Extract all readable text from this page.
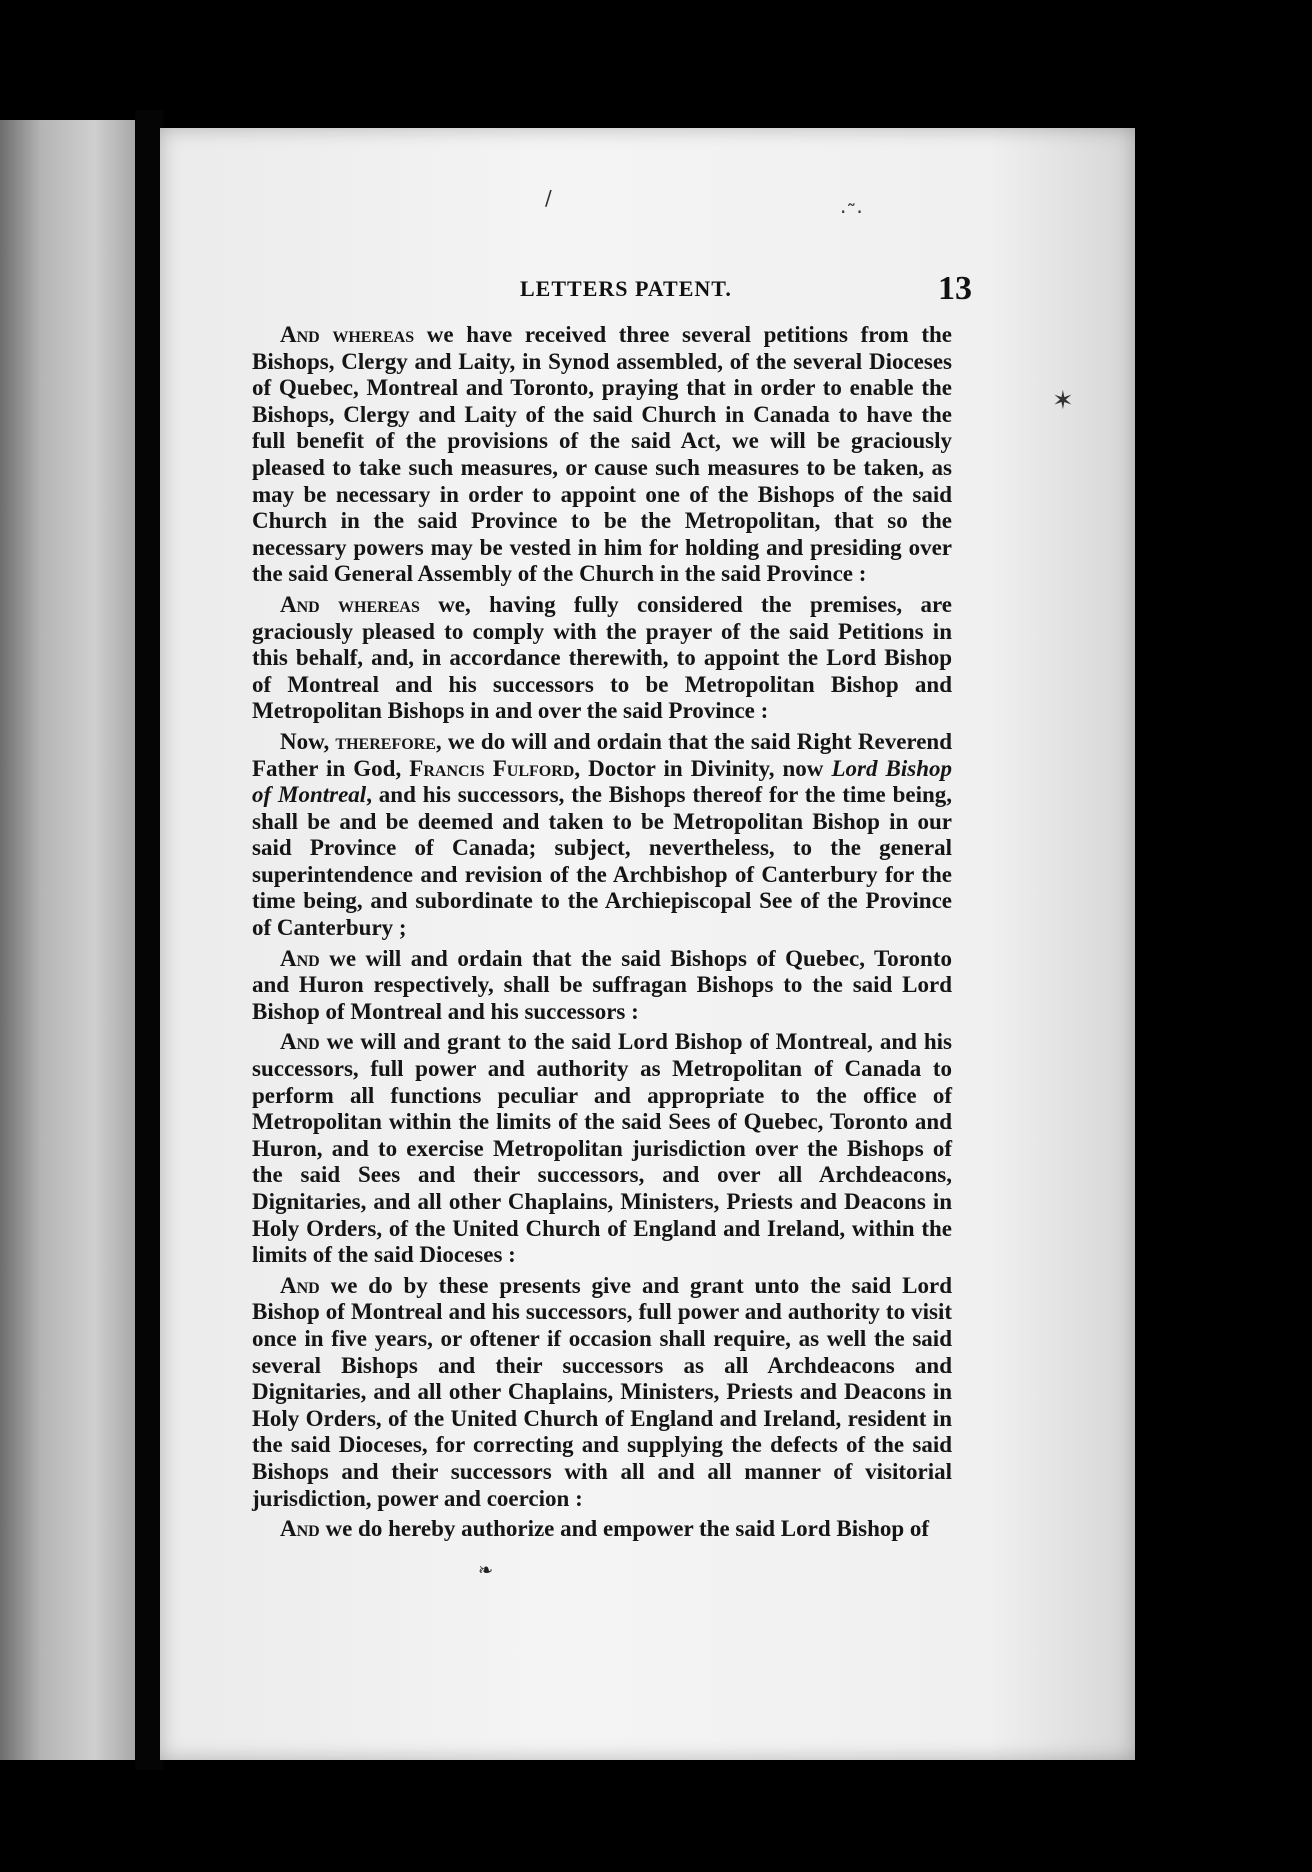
/
·˜·
✶
LETTERS PATENT.	13

And whereas we have received three several petitions from the Bishops, Clergy and Laity, in Synod assembled, of the several Dioceses of Quebec, Montreal and Toronto, praying that in order to enable the Bishops, Clergy and Laity of the said Church in Canada to have the full benefit of the provisions of the said Act, we will be graciously pleased to take such measures, or cause such measures to be taken, as may be necessary in order to appoint one of the Bishops of the said Church in the said Province to be the Metropolitan, that so the necessary powers may be vested in him for holding and presiding over the said General Assembly of the Church in the said Province :

And whereas we, having fully considered the premises, are graciously pleased to comply with the prayer of the said Petitions in this behalf, and, in accordance therewith, to appoint the Lord Bishop of Montreal and his successors to be Metropolitan Bishop and Metropolitan Bishops in and over the said Province :

Now, therefore, we do will and ordain that the said Right Reverend Father in God, Francis Fulford, Doctor in Divinity, now Lord Bishop of Montreal, and his successors, the Bishops thereof for the time being, shall be and be deemed and taken to be Metropolitan Bishop in our said Province of Canada; subject, nevertheless, to the general superintendence and revision of the Archbishop of Canterbury for the time being, and subordinate to the Archiepiscopal See of the Province of Canterbury ;

And we will and ordain that the said Bishops of Quebec, Toronto and Huron respectively, shall be suffragan Bishops to the said Lord Bishop of Montreal and his successors :

And we will and grant to the said Lord Bishop of Montreal, and his successors, full power and authority as Metropolitan of Canada to perform all functions peculiar and appropriate to the office of Metropolitan within the limits of the said Sees of Quebec, Toronto and Huron, and to exercise Metropolitan jurisdiction over the Bishops of the said Sees and their successors, and over all Archdeacons, Dignitaries, and all other Chaplains, Ministers, Priests and Deacons in Holy Orders, of the United Church of England and Ireland, within the limits of the said Dioceses :

And we do by these presents give and grant unto the said Lord Bishop of Montreal and his successors, full power and authority to visit once in five years, or oftener if occasion shall require, as well the said several Bishops and their successors as all Archdeacons and Dignitaries, and all other Chaplains, Ministers, Priests and Deacons in Holy Orders, of the United Church of England and Ireland, resident in the said Dioceses, for correcting and supplying the defects of the said Bishops and their successors with all and all manner of visitorial jurisdiction, power and coercion :

And we do hereby authorize and empower the said Lord Bishop of

❧
